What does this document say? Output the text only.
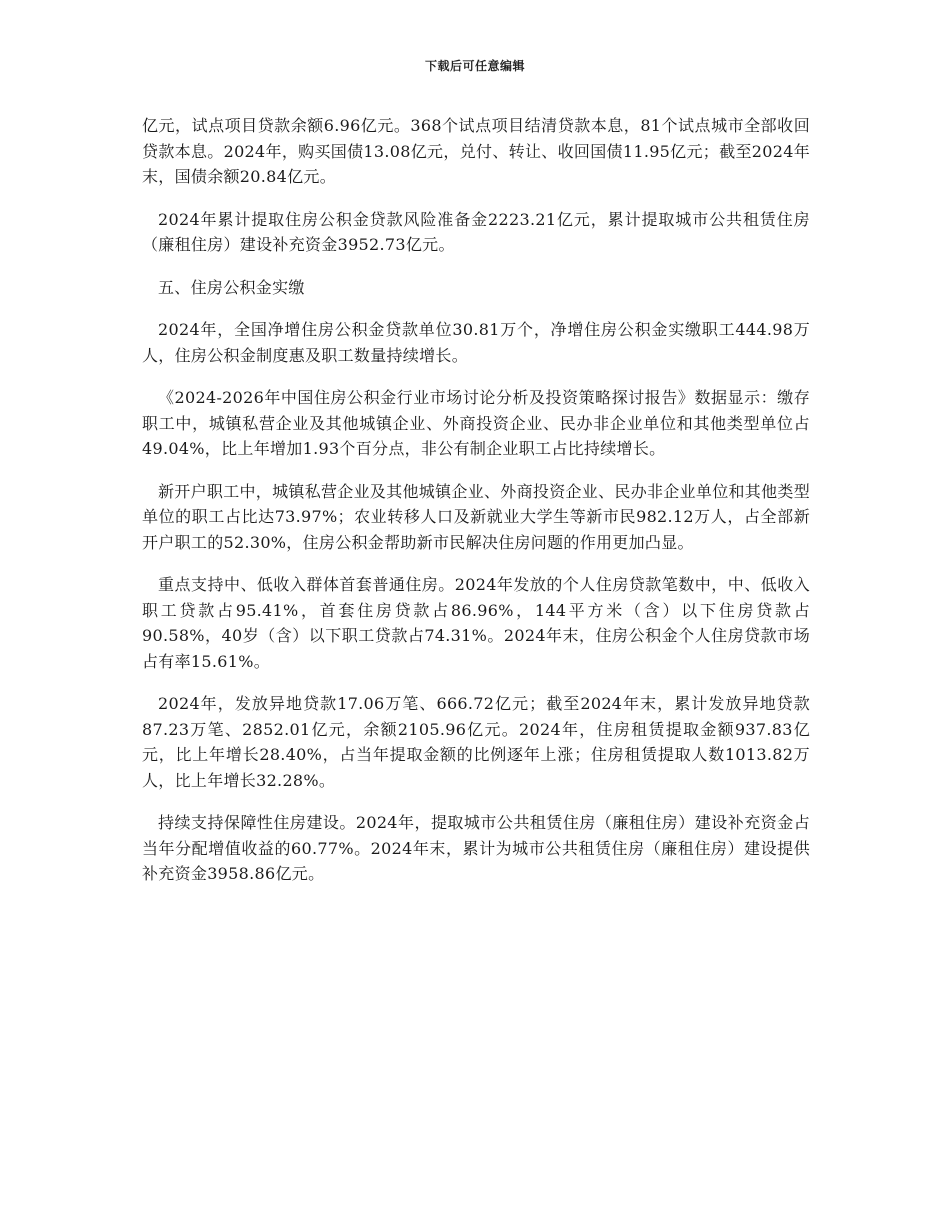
下载后可任意编辑

亿元，试点项目贷款余额6.96亿元。368个试点项目结清贷款本息，81个试点城市全部收回贷款本息。2024年，购买国债13.08亿元，兑付、转让、收回国债11.95亿元；截至2024年末，国债余额20.84亿元。

2024年累计提取住房公积金贷款风险准备金2223.21亿元，累计提取城市公共租赁住房（廉租住房）建设补充资金3952.73亿元。

五、住房公积金实缴

2024年，全国净增住房公积金贷款单位30.81万个，净增住房公积金实缴职工444.98万人，住房公积金制度惠及职工数量持续增长。

《2024-2026年中国住房公积金行业市场讨论分析及投资策略探讨报告》数据显示：缴存职工中，城镇私营企业及其他城镇企业、外商投资企业、民办非企业单位和其他类型单位占49.04%，比上年增加1.93个百分点，非公有制企业职工占比持续增长。

新开户职工中，城镇私营企业及其他城镇企业、外商投资企业、民办非企业单位和其他类型单位的职工占比达73.97%；农业转移人口及新就业大学生等新市民982.12万人，占全部新开户职工的52.30%，住房公积金帮助新市民解决住房问题的作用更加凸显。

重点支持中、低收入群体首套普通住房。2024年发放的个人住房贷款笔数中，中、低收入职工贷款占95.41%，首套住房贷款占86.96%，144平方米（含）以下住房贷款占90.58%，40岁（含）以下职工贷款占74.31%。2024年末，住房公积金个人住房贷款市场占有率15.61%。

2024年，发放异地贷款17.06万笔、666.72亿元；截至2024年末，累计发放异地贷款87.23万笔、2852.01亿元，余额2105.96亿元。2024年，住房租赁提取金额937.83亿元，比上年增长28.40%，占当年提取金额的比例逐年上涨；住房租赁提取人数1013.82万人，比上年增长32.28%。

持续支持保障性住房建设。2024年，提取城市公共租赁住房（廉租住房）建设补充资金占当年分配增值收益的60.77%。2024年末，累计为城市公共租赁住房（廉租住房）建设提供补充资金3958.86亿元。
